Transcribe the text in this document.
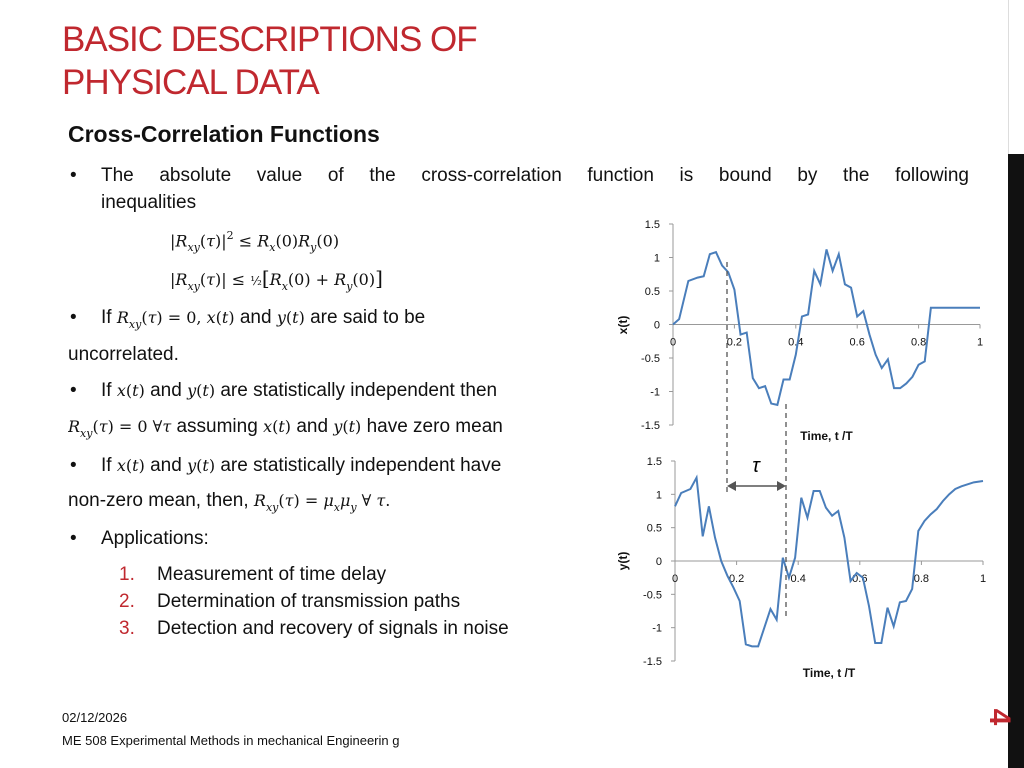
4
BASIC DESCRIPTIONS OF
PHYSICAL DATA
Cross-Correlation Functions
• The absolute value of the cross-correlation function is bound by the following
inequalities
$|R_{xy}(\tau)|^2 \le R_x(0)R_y(0)$
$|R_{xy}(\tau)|$ ≤ $\frac{1}{2}[R_x(0) + R_y(0)]$
• If $R_{xy}(\tau) = 0$, x(t) and y(t) are said to be
uncorrelated.
• If x(t) and y(t) are statistically independent then
$R_{xy}(\tau) = 0$ ∀τ assuming x(t) and y(t) have zero mean
• If x(t) and y(t) are statistically independent have
non-zero mean, then, $R_{xy}(\tau) = \mu_x\mu_y$ ∀ τ.
• Applications:
1. Measurement of time delay
2. Determination of transmission paths
3. Detection and recovery of signals in noise
02/12/2026
ME 508 Experimental Methods in mechanical Engineerin g
1.5
1
0.5
0
-0.5
-1
-1.5
0	0.2	0.4	0.6	0.8	1
Time, t /T
x(t)
1.5
1
0.5
0
-0.5
-1
-1.5
0	0.2	0.4	0.6	0.8	1
Time, t /T
y(t)
τ
